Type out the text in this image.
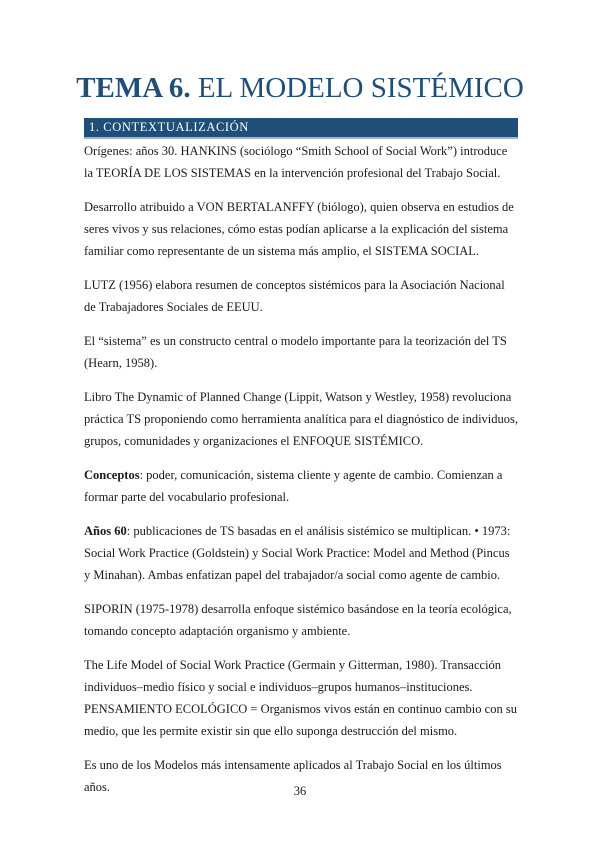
TEMA 6. EL MODELO SISTÉMICO
1. CONTEXTUALIZACIÓN

Orígenes: años 30. HANKINS (sociólogo “Smith School of Social Work”) introduce la TEORÍA DE LOS SISTEMAS en la intervención profesional del Trabajo Social.

Desarrollo atribuido a VON BERTALANFFY (biólogo), quien observa en estudios de seres vivos y sus relaciones, cómo estas podían aplicarse a la explicación del sistema familiar como representante de un sistema más amplio, el SISTEMA SOCIAL.

LUTZ (1956) elabora resumen de conceptos sistémicos para la Asociación Nacional de Trabajadores Sociales de EEUU.

El “sistema” es un constructo central o modelo importante para la teorización del TS (Hearn, 1958).

Libro The Dynamic of Planned Change (Lippit, Watson y Westley, 1958) revoluciona práctica TS proponiendo como herramienta analítica para el diagnóstico de individuos, grupos, comunidades y organizaciones el ENFOQUE SISTÉMICO.

Conceptos: poder, comunicación, sistema cliente y agente de cambio. Comienzan a formar parte del vocabulario profesional.

Años 60: publicaciones de TS basadas en el análisis sistémico se multiplican. • 1973: Social Work Practice (Goldstein) y Social Work Practice: Model and Method (Pincus y Minahan). Ambas enfatizan papel del trabajador/a social como agente de cambio.

SIPORIN (1975-1978) desarrolla enfoque sistémico basándose en la teoría ecológica, tomando concepto adaptación organismo y ambiente.

The Life Model of Social Work Practice (Germain y Gitterman, 1980). Transacción individuos–medio físico y social e individuos–grupos humanos–instituciones. PENSAMIENTO ECOLÓGICO = Organismos vivos están en continuo cambio con su medio, que les permite existir sin que ello suponga destrucción del mismo.

Es uno de los Modelos más intensamente aplicados al Trabajo Social en los últimos años.	36
